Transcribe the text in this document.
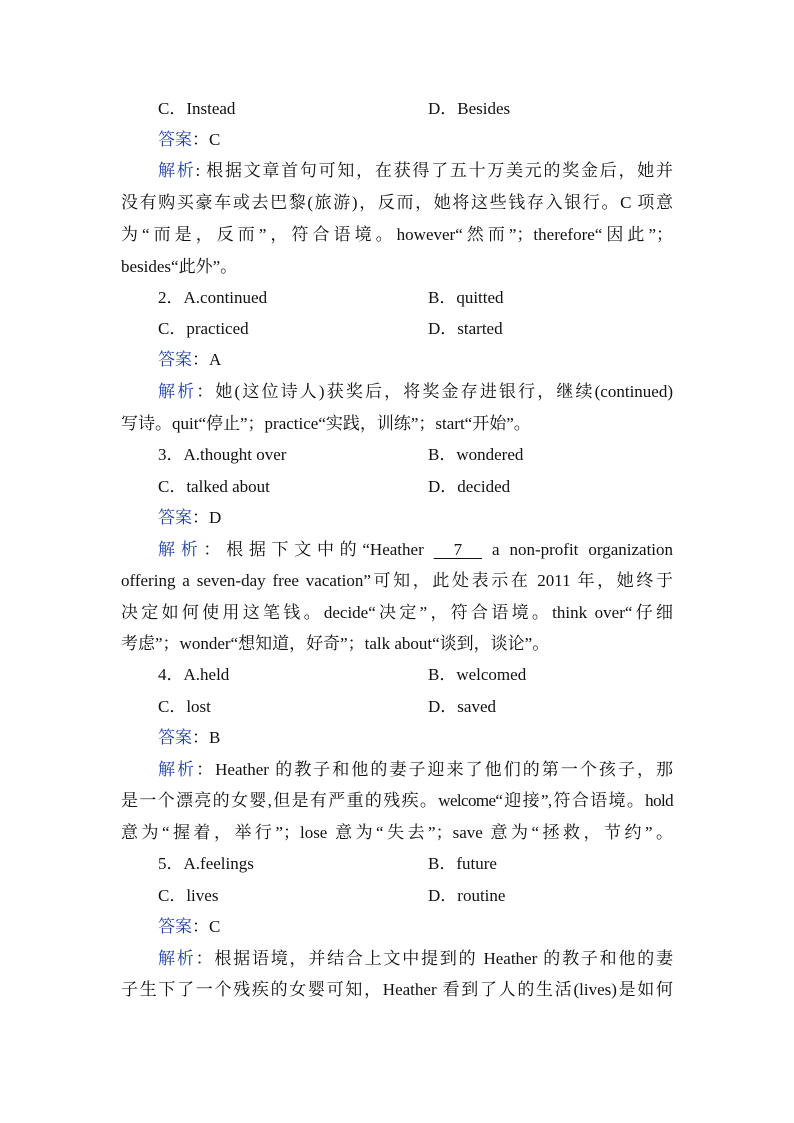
C．Instead	D．Besides
答案：C
解析: 根据文章首句可知，在获得了五十万美元的奖金后，她并
没有购买豪车或去巴黎(旅游)，反而，她将这些钱存入银行。C 项意
为“而是，反而”，符合语境。however“然而”；therefore“因此”；
besides“此外”。
2．A.continued	B．quitted
C．practiced	D．started
答案：A
解析：她(这位诗人)获奖后，将奖金存进银行，继续(continued)
写诗。quit“停止”；practice“实践，训练”；start“开始”。
3．A.thought over	B．wondered
C．talked about	D．decided
答案：D
解析：根据下文中的“Heather   7   a non-profit organization
offering a seven-day free vacation”可知，此处表示在 2011 年，她终于
决定如何使用这笔钱。decide“决定”，符合语境。think over“仔细
考虑”；wonder“想知道，好奇”；talk about“谈到，谈论”。
4．A.held	B．welcomed
C．lost	D．saved
答案：B
解析：Heather 的教子和他的妻子迎来了他们的第一个孩子，那
是一个漂亮的女婴,但是有严重的残疾。welcome“迎接”,符合语境。hold
意为“握着，举行”；lose 意为“失去”；save 意为“拯救，节约”。
5．A.feelings	B．future
C．lives	D．routine
答案：C
解析：根据语境，并结合上文中提到的 Heather 的教子和他的妻
子生下了一个残疾的女婴可知，Heather 看到了人的生活(lives)是如何
